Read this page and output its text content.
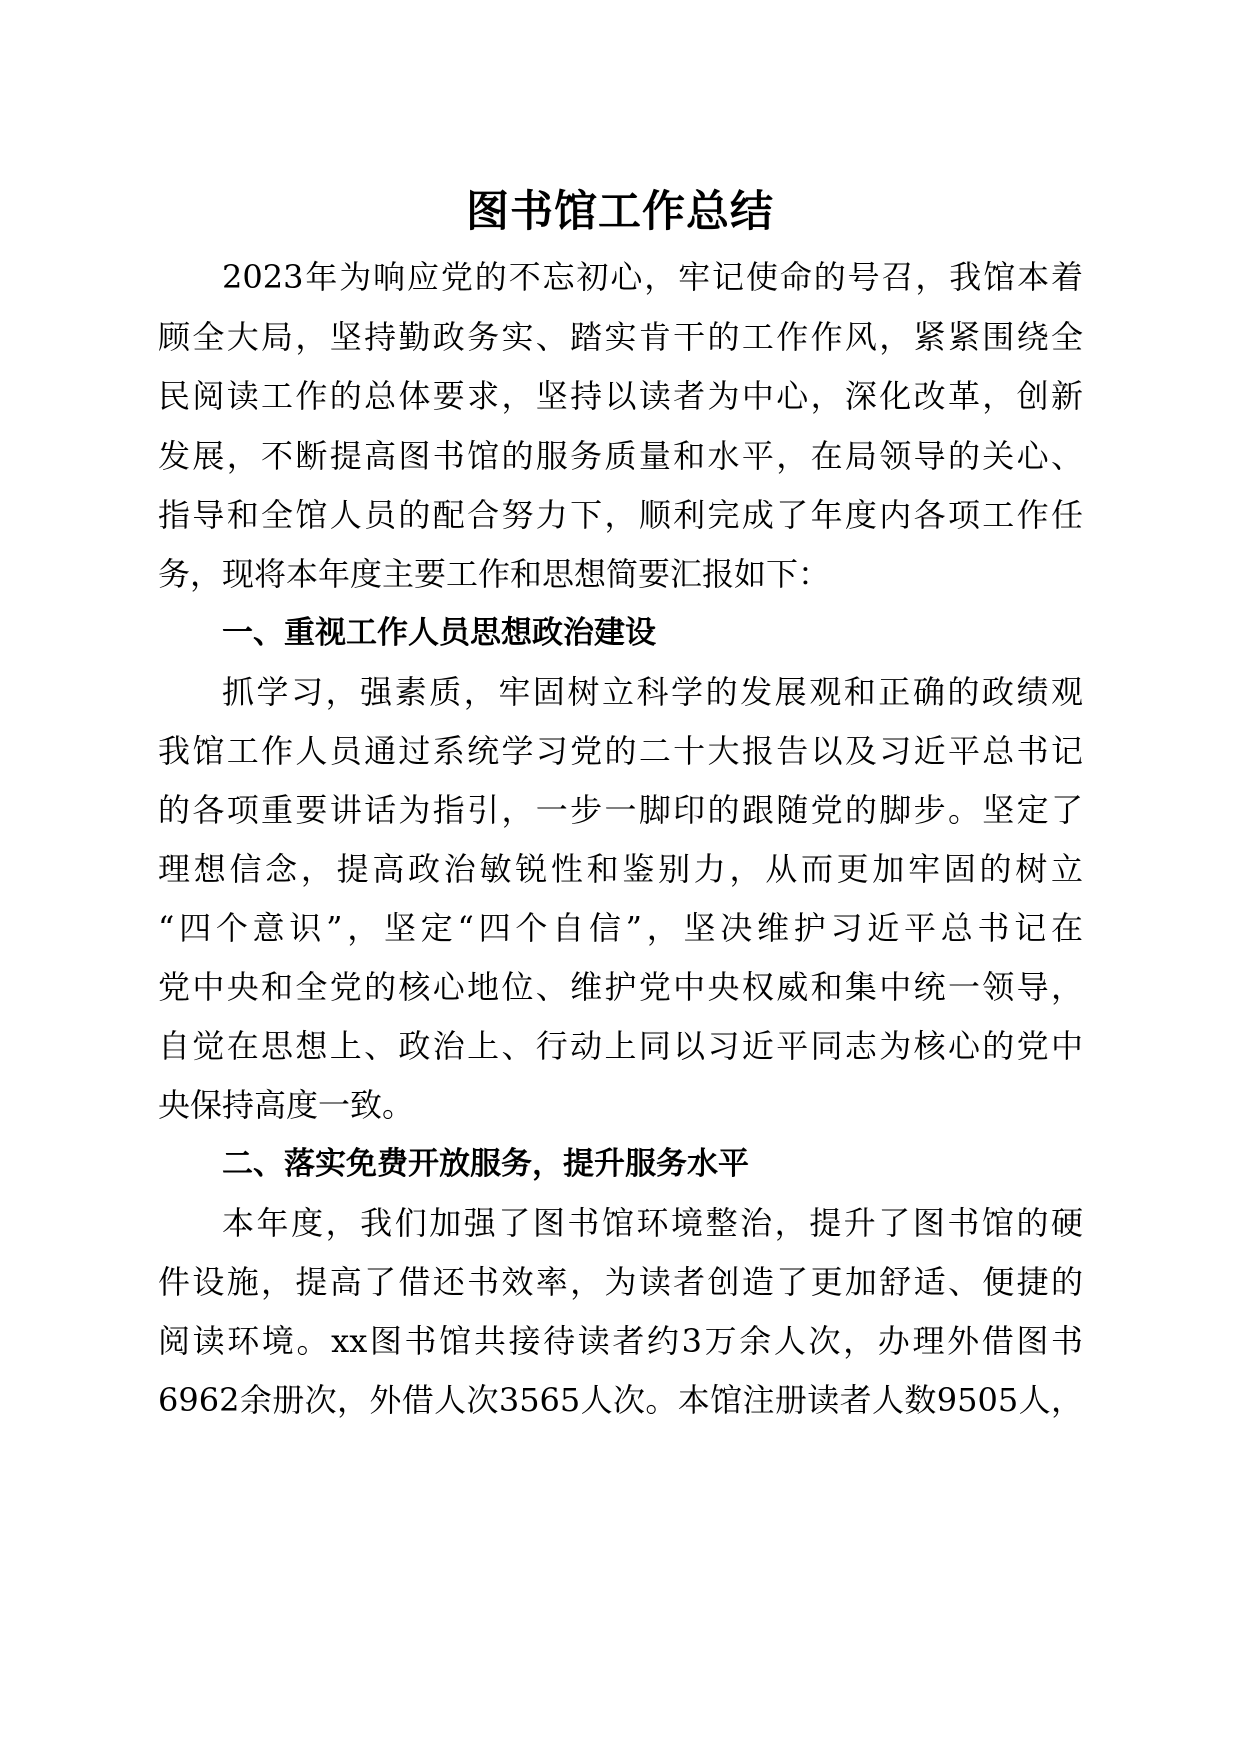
图书馆工作总结
2023年为响应党的不忘初心，牢记使命的号召，我馆本着
顾全大局，坚持勤政务实、踏实肯干的工作作风，紧紧围绕全
民阅读工作的总体要求，坚持以读者为中心，深化改革，创新
发展，不断提高图书馆的服务质量和水平，在局领导的关心、
指导和全馆人员的配合努力下，顺利完成了年度内各项工作任
务，现将本年度主要工作和思想简要汇报如下：
一、重视工作人员思想政治建设
抓学习，强素质，牢固树立科学的发展观和正确的政绩观
我馆工作人员通过系统学习党的二十大报告以及习近平总书记
的各项重要讲话为指引，一步一脚印的跟随党的脚步。坚定了
理想信念，提高政治敏锐性和鉴别力，从而更加牢固的树立
“四个意识”，坚定“四个自信”，坚决维护习近平总书记在
党中央和全党的核心地位、维护党中央权威和集中统一领导，
自觉在思想上、政治上、行动上同以习近平同志为核心的党中
央保持高度一致。
二、落实免费开放服务，提升服务水平
本年度，我们加强了图书馆环境整治，提升了图书馆的硬
件设施，提高了借还书效率，为读者创造了更加舒适、便捷的
阅读环境。xx图书馆共接待读者约3万余人次，办理外借图书
6962余册次，外借人次3565人次。本馆注册读者人数9505人，
